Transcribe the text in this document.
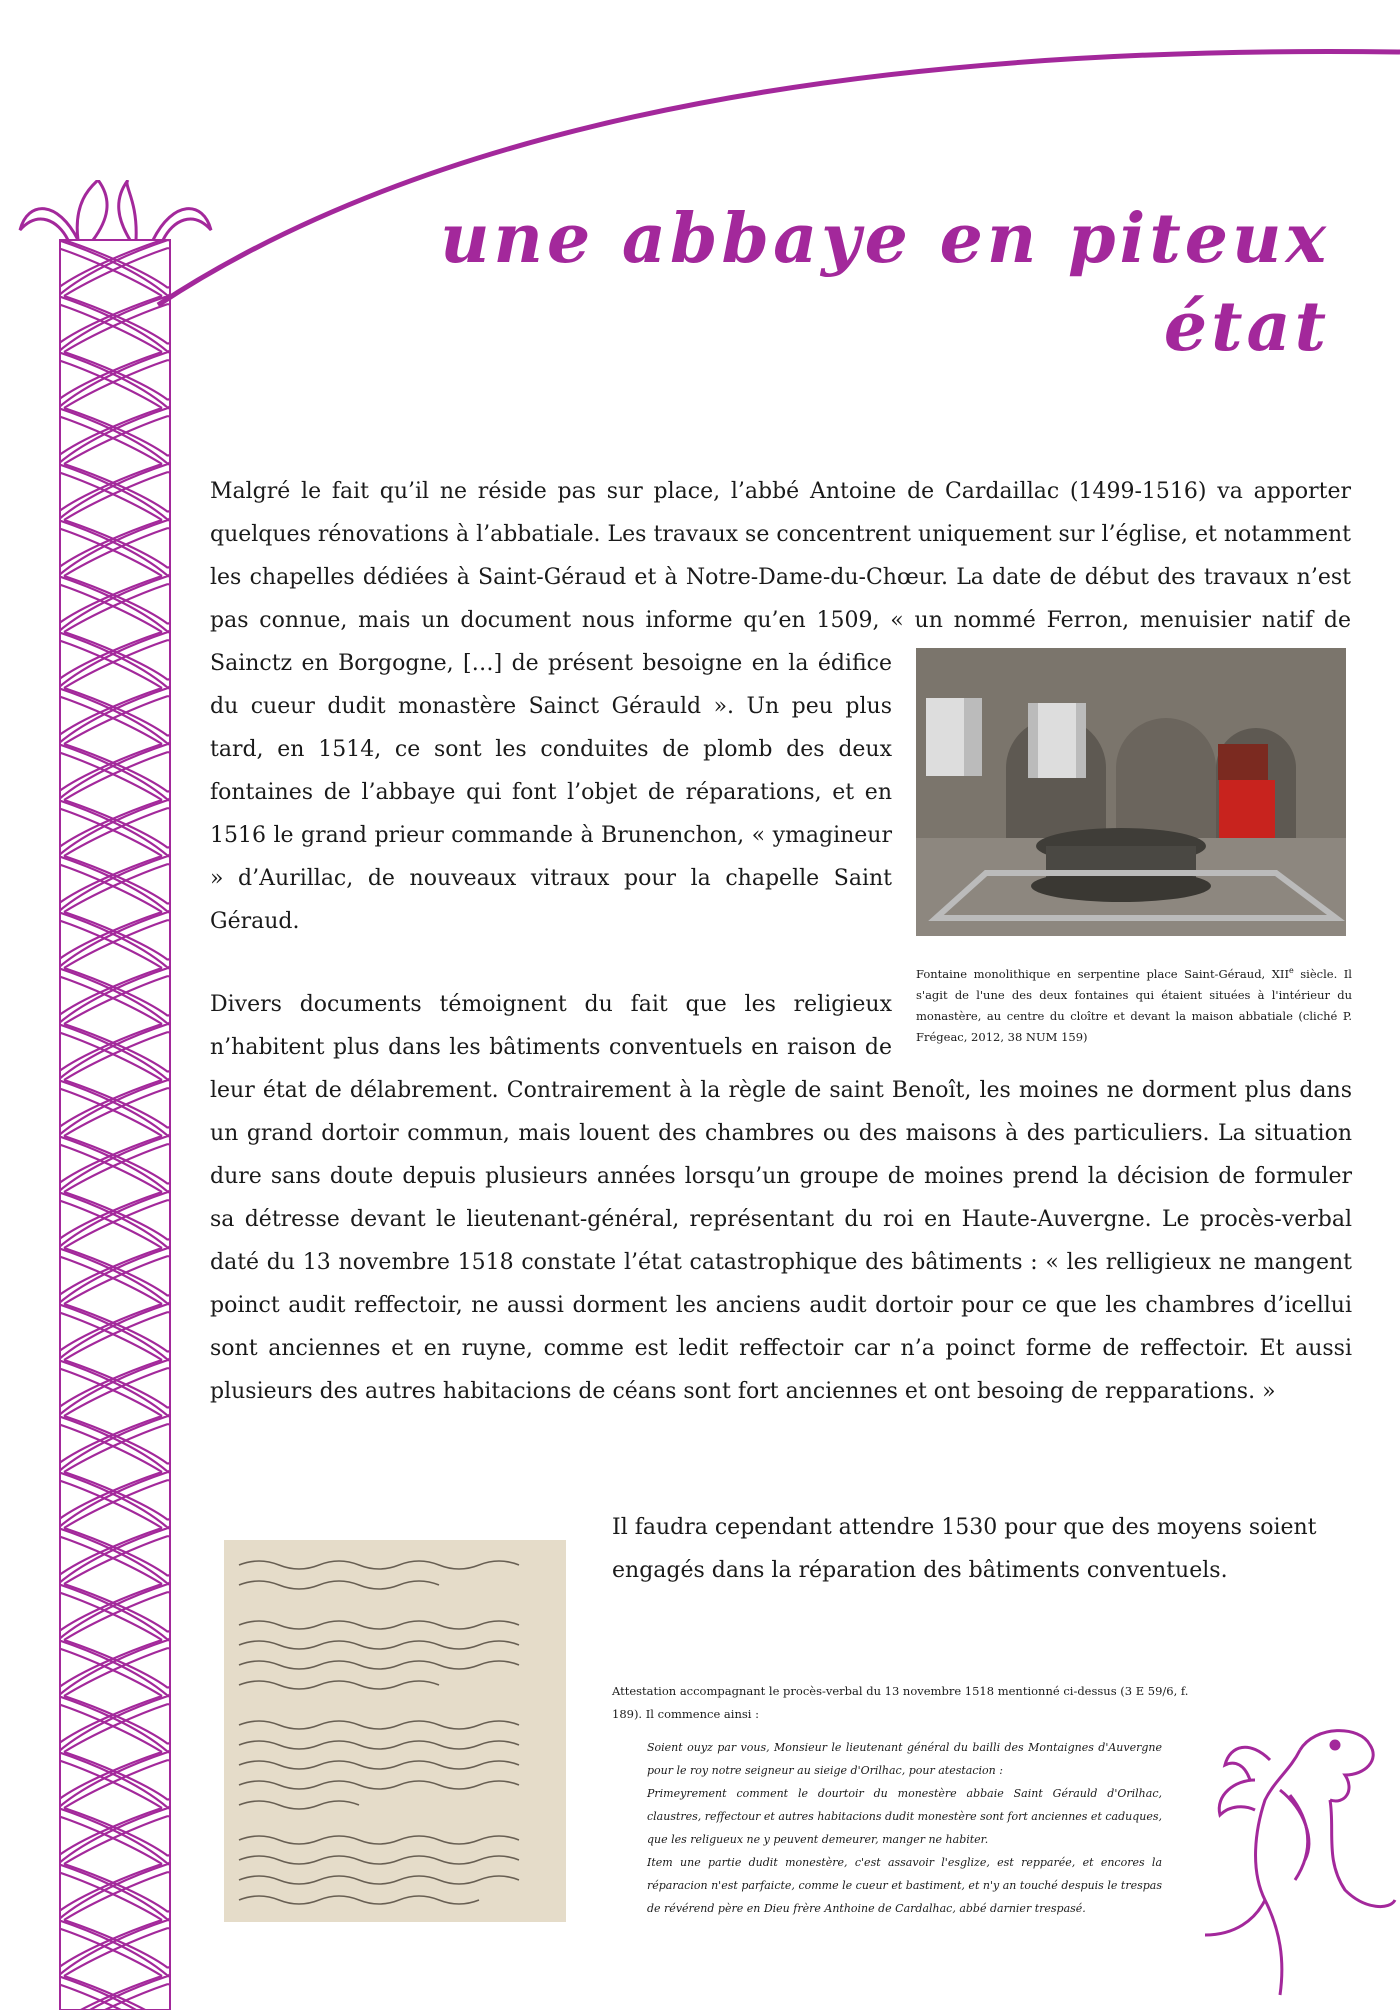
une abbaye en piteux état
Fontaine monolithique en serpentine place Saint-Géraud, XIIe siècle. Il s'agit de l'une des deux fontaines qui étaient situées à l'intérieur du monastère, au centre du cloître et devant la maison abbatiale (cliché P. Frégeac, 2012, 38 NUM 159)

Malgré le fait qu’il ne réside pas sur place, l’abbé Antoine de Cardaillac (1499-1516) va apporter quelques rénovations à l’abbatiale. Les travaux se concentrent uniquement sur l’église, et notamment les chapelles dédiées à Saint-Géraud et à Notre-Dame-du-Chœur. La date de début des travaux n’est pas connue, mais un document nous informe qu’en 1509, « un nommé Ferron, menuisier natif de Sainctz en Borgogne, […] de présent besoigne en la édifice du cueur dudit monastère Sainct Gérauld ». Un peu plus tard, en 1514, ce sont les conduites de plomb des deux fontaines de l’abbaye qui font l’objet de réparations, et en 1516 le grand prieur commande à Brunenchon, « ymagineur » d’Aurillac, de nouveaux vitraux pour la chapelle Saint Géraud.

Divers documents témoignent du fait que les religieux n’habitent plus dans les bâtiments conventuels en raison de leur état de délabrement. Contrairement à la règle de saint Benoît, les moines ne dorment plus dans un grand dortoir commun, mais louent des chambres ou des maisons à des particuliers. La situation dure sans doute depuis plusieurs années lorsqu’un groupe de moines prend la décision de formuler sa détresse devant le lieutenant-général, représentant du roi en Haute-Auvergne. Le procès-verbal daté du 13 novembre 1518 constate l’état catastrophique des bâtiments : « les relligieux ne mangent poinct audit reffectoir, ne aussi dorment les anciens audit dortoir pour ce que les chambres d’icellui sont anciennes et en ruyne, comme est ledit reffectoir car n’a poinct forme de reffectoir. Et aussi plusieurs des autres habitacions de céans sont fort anciennes et ont besoing de repparations. »

Il faudra cependant attendre 1530 pour que des moyens soient engagés dans la réparation des bâtiments conventuels.
Attestation accompagnant le procès-verbal du 13 novembre 1518 mentionné ci-dessus (3 E 59/6, f. 189). Il commence ainsi :
Soient ouyz par vous, Monsieur le lieutenant général du bailli des Montaignes d'Auvergne pour le roy notre seigneur au sieige d'Orilhac, pour atestacion :
Primeyrement comment le dourtoir du monestère abbaie Saint Gérauld d'Orilhac, claustres, reffectour et autres habitacions dudit monestère sont fort anciennes et caduques, que les religueux ne y peuvent demeurer, manger ne habiter.
Item une partie dudit monestère, c'est assavoir l'esglize, est repparée, et encores la réparacion n'est parfaicte, comme le cueur et bastiment, et n'y an touché despuis le trespas de révérend père en Dieu frère Anthoine de Cardalhac, abbé darnier trespasé.
